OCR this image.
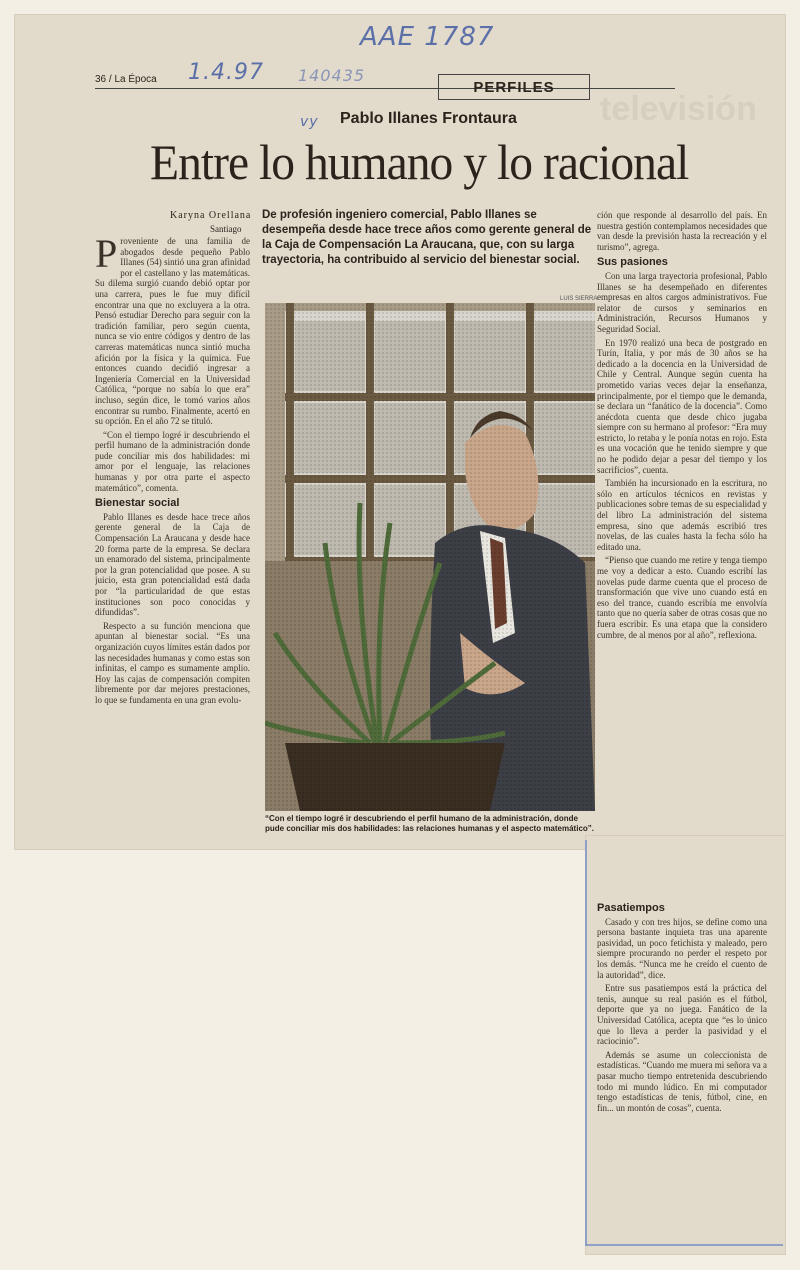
AAE 1787
1.4.97 140435
vy
36 / La Época	PERFILES
televisión
Pablo Illanes Frontaura
Entre lo humano y lo racional
Karyna Orellana
Santiago
De profesión ingeniero comercial, Pablo Illanes se desempeña desde hace trece años como gerente general de la Caja de Compensación La Araucana, que, con su larga trayectoria, ha contribuido al servicio del bienestar social.

Proveniente de una familia de abogados desde pequeño Pablo Illanes (54) sintió una gran afinidad por el castellano y las matemáticas. Su dilema surgió cuando debió optar por una carrera, pues le fue muy difícil encontrar una que no excluyera a la otra. Pensó estudiar Derecho para seguir con la tradición familiar, pero según cuenta, nunca se vio entre códigos y dentro de las carreras matemáticas nunca sintió mucha afición por la física y la química. Fue entonces cuando decidió ingresar a Ingeniería Comercial en la Universidad Católica, “porque no sabía lo que era” incluso, según dice, le tomó varios años encontrar su rumbo. Finalmente, acertó en su opción. En el año 72 se tituló.

“Con el tiempo logré ir descubriendo el perfil humano de la administración donde pude conciliar mis dos habilidades: mi amor por el lenguaje, las relaciones humanas y por otra parte el aspecto matemático”, comenta.

Bienestar social

Pablo Illanes es desde hace trece años gerente general de la Caja de Compensación La Araucana y desde hace 20 forma parte de la empresa. Se declara un enamorado del sistema, principalmente por la gran potencialidad que posee. A su juicio, esta gran potencialidad está dada por “la particularidad de que estas instituciones son poco conocidas y difundidas”.

Respecto a su función menciona que apuntan al bienestar social. “Es una organización cuyos límites están dados por las necesidades humanas y como estas son infinitas, el campo es sumamente amplio. Hoy las cajas de compensación compiten libremente por dar mejores prestaciones, lo que se fundamenta en una gran evolu-

ción que responde al desarrollo del país. En nuestra gestión contemplamos necesidades que van desde la previsión hasta la recreación y el turismo”, agrega.

Sus pasiones

Con una larga trayectoria profesional, Pablo Illanes se ha desempeñado en diferentes empresas en altos cargos administrativos. Fue relator de cursos y seminarios en Administración, Recursos Humanos y Seguridad Social.

En 1970 realizó una beca de postgrado en Turín, Italia, y por más de 30 años se ha dedicado a la docencia en la Universidad de Chile y Central. Aunque según cuenta ha prometido varias veces dejar la enseñanza, principalmente, por el tiempo que le demanda, se declara un “fanático de la docencia”. Como anécdota cuenta que desde chico jugaba siempre con su hermano al profesor: “Era muy estricto, lo retaba y le ponía notas en rojo. Esta es una vocación que he tenido siempre y que no he podido dejar a pesar del tiempo y los sacrificios”, cuenta.

También ha incursionado en la escritura, no sólo en artículos técnicos en revistas y publicaciones sobre temas de su especialidad y del libro La administración del sistema empresa, sino que además escribió tres novelas, de las cuales hasta la fecha sólo ha editado una.

“Pienso que cuando me retire y tenga tiempo me voy a dedicar a esto. Cuando escribí las novelas pude darme cuenta que el proceso de transformación que vive uno cuando está en eso del trance, cuando escribía me envolvía tanto que no quería saber de otras cosas que no fuera escribir. Es una etapa que la considero cumbre, de al menos por al año”, reflexiona.

Pasatiempos

Casado y con tres hijos, se define como una persona bastante inquieta tras una aparente pasividad, un poco fetichista y maleado, pero siempre procurando no perder el respeto por los demás. “Nunca me he creído el cuento de la autoridad”, dice.

Entre sus pasatiempos está la práctica del tenis, aunque su real pasión es el fútbol, deporte que ya no juega. Fanático de la Universidad Católica, acepta que “es lo único que lo lleva a perder la pasividad y el raciocinio”.

Además se asume un coleccionista de estadísticas. “Cuando me muera mi señora va a pasar mucho tiempo entretenida descubriendo todo mi mundo lúdico. En mi computador tengo estadísticas de tenis, fútbol, cine, en fin... un montón de cosas”, cuenta.

LUIS SIERRA
“Con el tiempo logré ir descubriendo el perfil humano de la administración, donde pude conciliar mis dos habilidades: las relaciones humanas y el aspecto matemático”.
